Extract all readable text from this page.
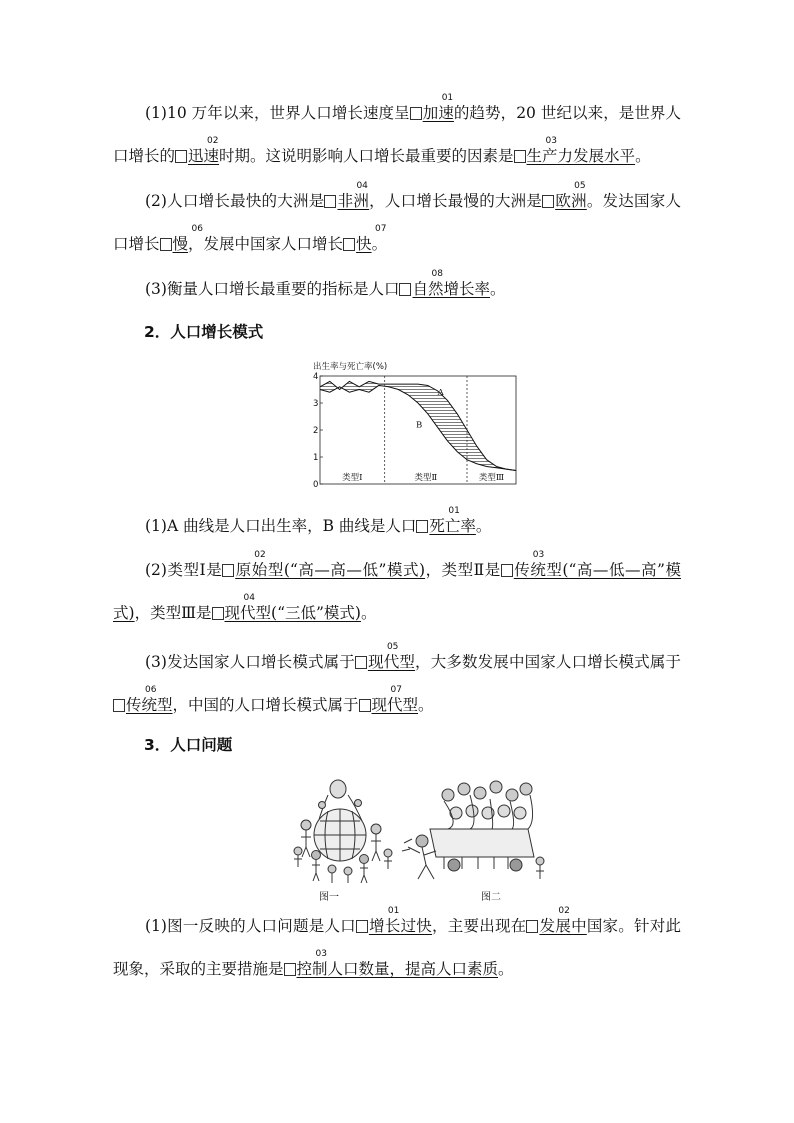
(1)10 万年以来，世界人口增长速度呈
01
加速的趋势，20 世纪以来，是世界人口增长的
02
迅速时期。这说明影响人口增长最重要的因素是
03
生产力发展水平。
(2)人口增长最快的大洲是
04
非洲，人口增长最慢的大洲是
05
欧洲。发达国家人口增长
06
慢，发展中国家人口增长
07
快。
(3)衡量人口增长最重要的指标是人口
08
自然增长率。
2．人口增长模式
出生率与死亡率(%)
0
1
2
3
4
A
B
类型Ⅰ	类型Ⅱ	类型Ⅲ
(1)A 曲线是人口出生率，B 曲线是人口
01
死亡率。
(2)类型Ⅰ是
02
原始型(“高—高—低”模式)，类型Ⅱ是
03
传统型(“高—低—高”模式)，类型Ⅲ是
04
现代型(“三低”模式)。
(3)发达国家人口增长模式属于
05
现代型，大多数发展中国家人口增长模式属于
06
传统型，中国的人口增长模式属于
07
现代型。
3．人口问题
图一	图二
(1)图一反映的人口问题是人口
01
增长过快，主要出现在
02
发展中国家。针对此现象，采取的主要措施是
03
控制人口数量，提高人口素质。
